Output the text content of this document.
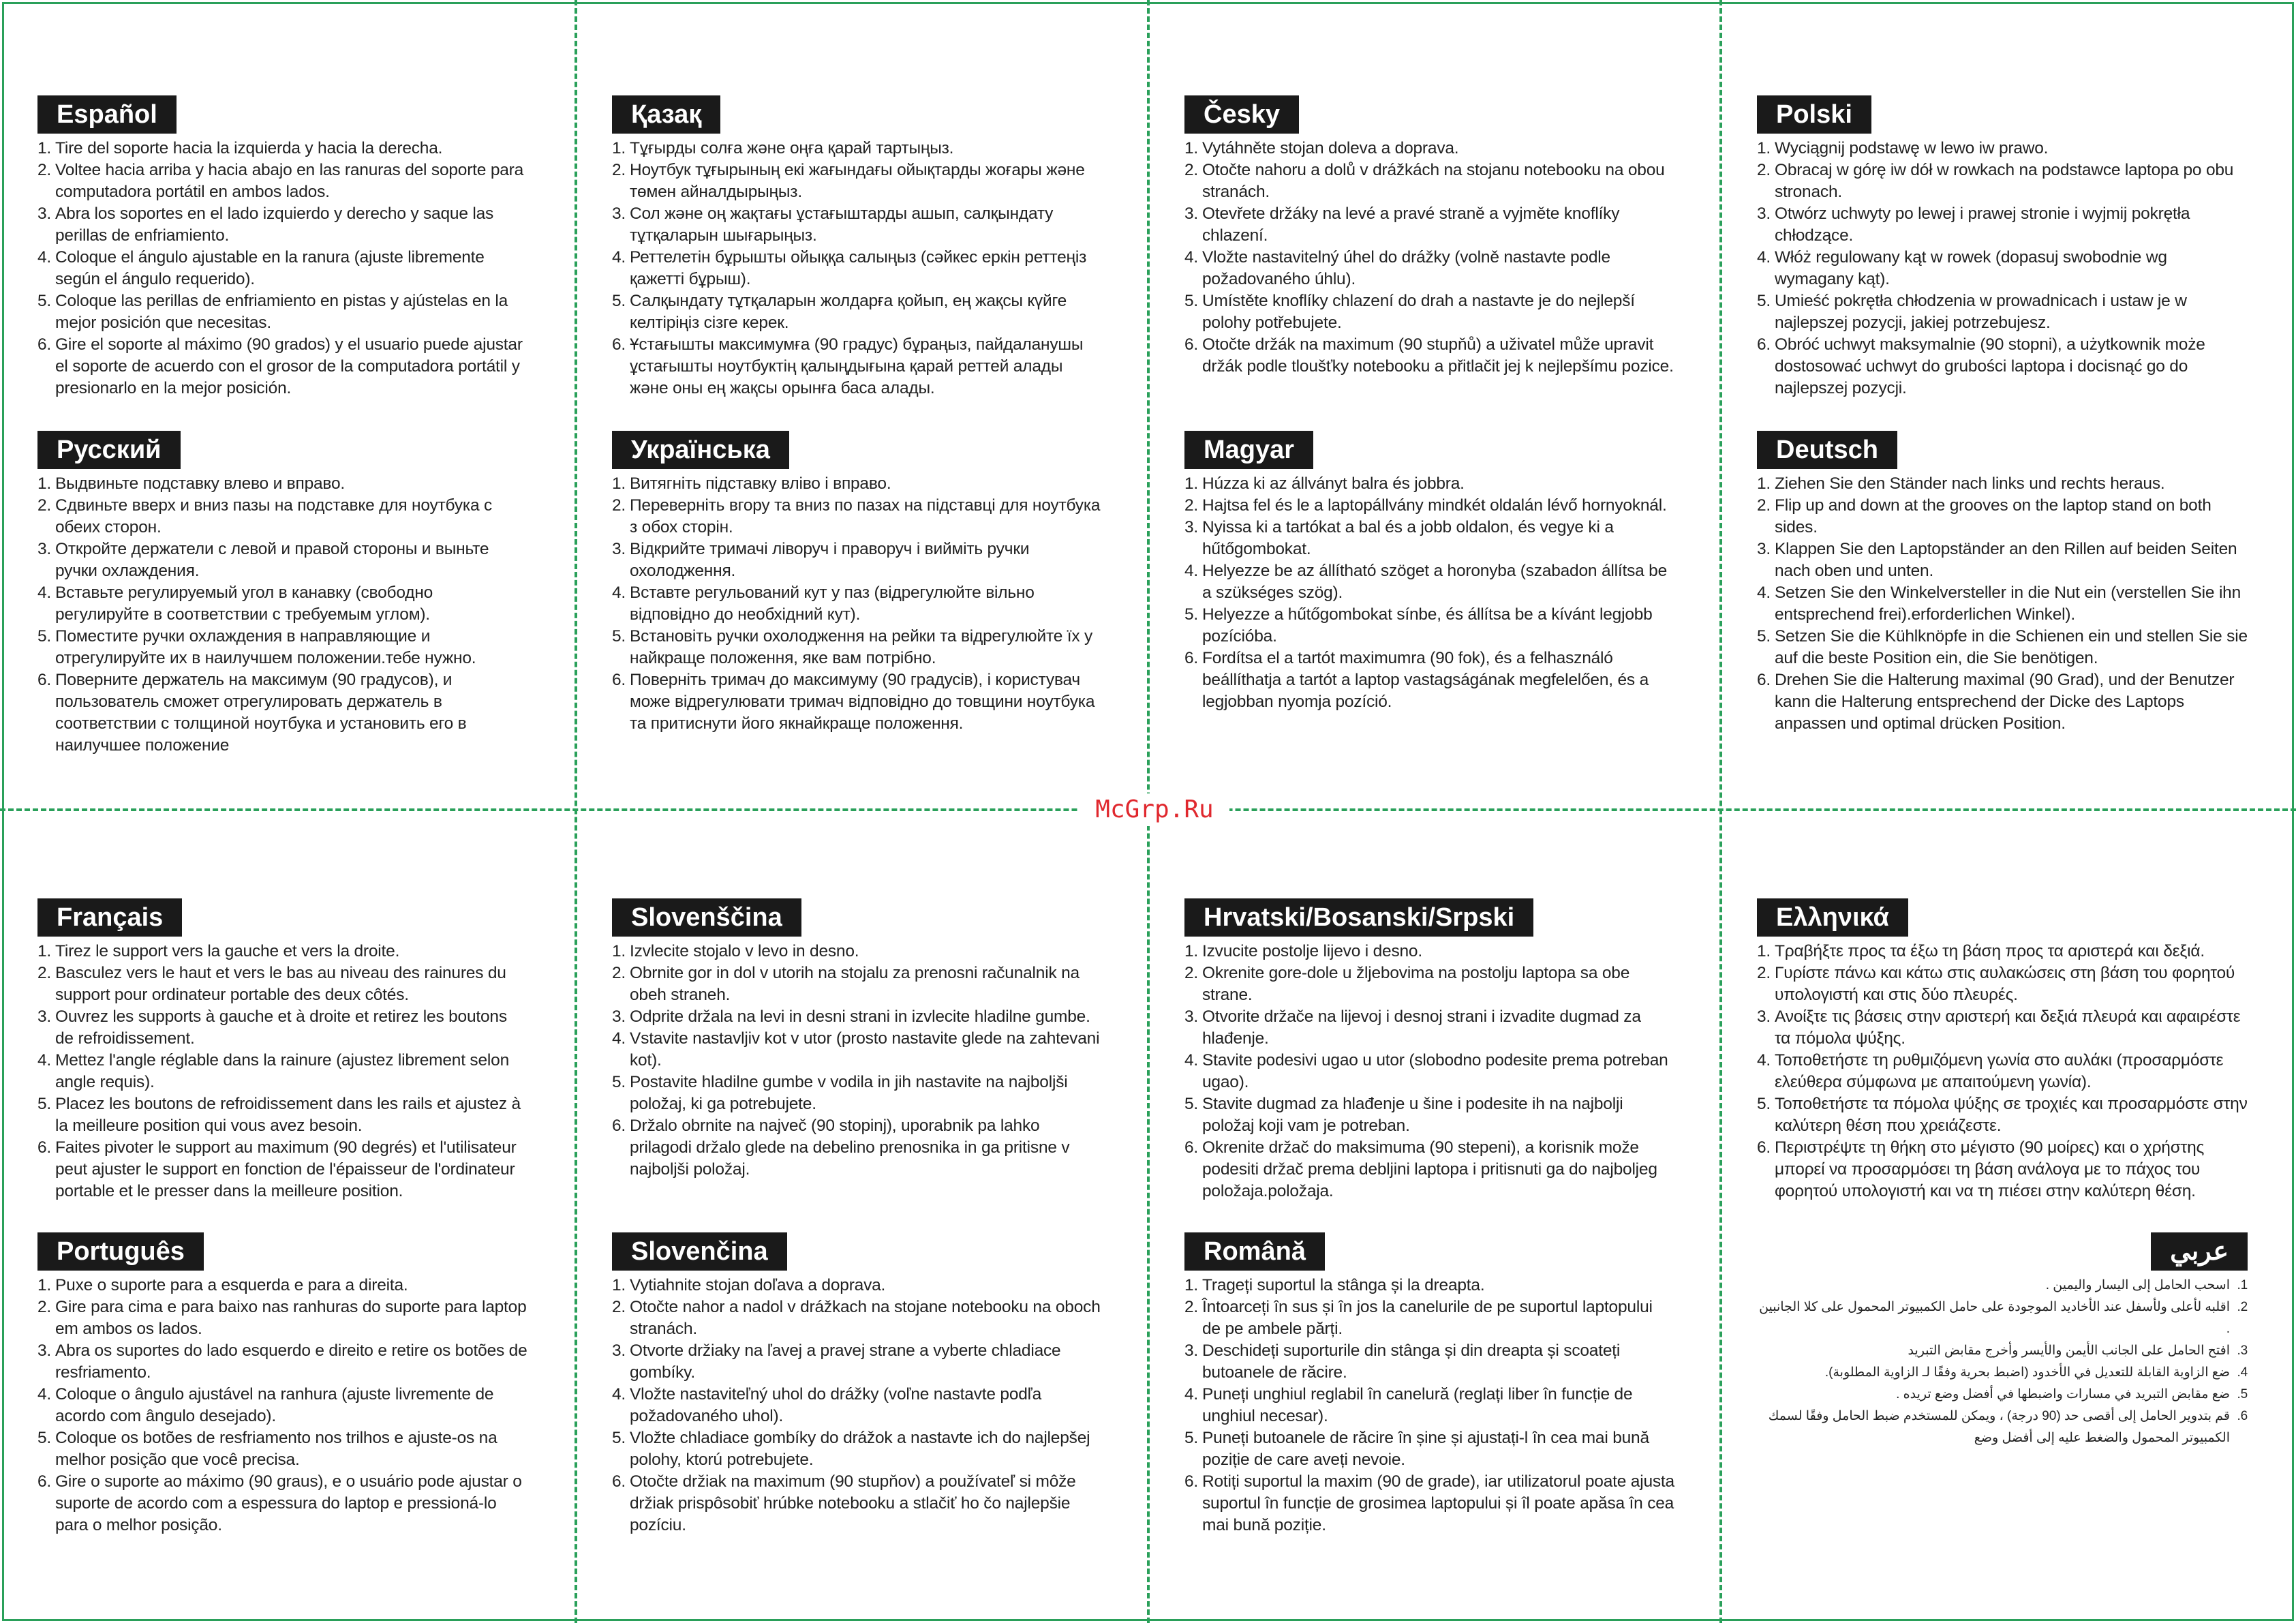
McGrp.Ru
Español
1. Tire del soporte hacia la izquierda y hacia la derecha.
2. Voltee hacia arriba y hacia abajo en las ranuras del soporte para computadora portátil en ambos lados.
3. Abra los soportes en el lado izquierdo y derecho y saque las perillas de enfriamiento.
4. Coloque el ángulo ajustable en la ranura (ajuste libremente según el ángulo requerido).
5. Coloque las perillas de enfriamiento en pistas y ajústelas en la mejor posición que necesitas.
6. Gire el soporte al máximo (90 grados) y el usuario puede ajustar el soporte de acuerdo con el grosor de la computadora portátil y presionarlo en la mejor posición.
Қазақ
1. Тұғырды солға және оңға қарай тартыңыз.
2. Ноутбук тұғырының екі жағындағы ойықтарды жоғары және төмен айналдырыңыз.
3. Сол және оң жақтағы ұстағыштарды ашып, салқындату тұтқаларын шығарыңыз.
4. Реттелетін бұрышты ойыққа салыңыз (сәйкес еркін реттеңіз қажетті бұрыш).
5. Салқындату тұтқаларын жолдарға қойып, ең жақсы күйге келтіріңіз сізге керек.
6. Ұстағышты максимумға (90 градус) бұраңыз, пайдаланушы ұстағышты ноутбуктің қалыңдығына қарай реттей алады және оны ең жақсы орынға баса алады.
Česky
1. Vytáhněte stojan doleva a doprava.
2. Otočte nahoru a dolů v drážkách na stojanu notebooku na obou stranách.
3. Otevřete držáky na levé a pravé straně a vyjměte knoflíky chlazení.
4. Vložte nastavitelný úhel do drážky (volně nastavte podle požadovaného úhlu).
5. Umístěte knoflíky chlazení do drah a nastavte je do nejlepší polohy potřebujete.
6. Otočte držák na maximum (90 stupňů) a uživatel může upravit držák podle tloušťky notebooku a přitlačit jej k nejlepšímu pozice.
Polski
1. Wyciągnij podstawę w lewo iw prawo.
2. Obracaj w górę iw dół w rowkach na podstawce laptopa po obu stronach.
3. Otwórz uchwyty po lewej i prawej stronie i wyjmij pokrętła chłodzące.
4. Włóż regulowany kąt w rowek (dopasuj swobodnie wg wymagany kąt).
5. Umieść pokrętła chłodzenia w prowadnicach i ustaw je w najlepszej pozycji, jakiej potrzebujesz.
6. Obróć uchwyt maksymalnie (90 stopni), a użytkownik może dostosować uchwyt do grubości laptopa i docisnąć go do najlepszej pozycji.
Русский
1. Выдвиньте подставку влево и вправо.
2. Сдвиньте вверх и вниз пазы на подставке для ноутбука с обеих сторон.
3. Откройте держатели с левой и правой стороны и выньте ручки охлаждения.
4. Вставьте регулируемый угол в канавку (свободно регулируйте в соответствии с требуемым углом).
5. Поместите ручки охлаждения в направляющие и отрегулируйте их в наилучшем положении.тебе нужно.
6. Поверните держатель на максимум (90 градусов), и пользователь сможет отрегулировать держатель в соответствии с толщиной ноутбука и установить его в наилучшее положение
Українська
1. Витягніть підставку вліво і вправо.
2. Переверніть вгору та вниз по пазах на підставці для ноутбука з обох сторін.
3. Відкрийте тримачі ліворуч і праворуч і вийміть ручки охолодження.
4. Вставте регульований кут у паз (відрегулюйте вільно відповідно до необхідний кут).
5. Встановіть ручки охолодження на рейки та відрегулюйте їх у найкраще положення, яке вам потрібно.
6. Поверніть тримач до максимуму (90 градусів), і користувач може відрегулювати тримач відповідно до товщини ноутбука та притиснути його якнайкраще положення.
Magyar
1. Húzza ki az állványt balra és jobbra.
2. Hajtsa fel és le a laptopállvány mindkét oldalán lévő hornyoknál.
3. Nyissa ki a tartókat a bal és a jobb oldalon, és vegye ki a hűtőgombokat.
4. Helyezze be az állítható szöget a horonyba (szabadon állítsa be a szükséges szög).
5. Helyezze a hűtőgombokat sínbe, és állítsa be a kívánt legjobb pozícióba.
6. Fordítsa el a tartót maximumra (90 fok), és a felhasználó beállíthatja a tartót a laptop vastagságának megfelelően, és a legjobban nyomja pozíció.
Deutsch
1. Ziehen Sie den Ständer nach links und rechts heraus.
2. Flip up and down at the grooves on the laptop stand on both sides.
3. Klappen Sie den Laptopständer an den Rillen auf beiden Seiten nach oben und unten.
4. Setzen Sie den Winkelversteller in die Nut ein (verstellen Sie ihn entsprechend frei).erforderlichen Winkel).
5. Setzen Sie die Kühlknöpfe in die Schienen ein und stellen Sie sie auf die beste Position ein, die Sie benötigen.
6. Drehen Sie die Halterung maximal (90 Grad), und der Benutzer kann die Halterung entsprechend der Dicke des Laptops anpassen und optimal drücken Position.
Français
1. Tirez le support vers la gauche et vers la droite.
2. Basculez vers le haut et vers le bas au niveau des rainures du support pour ordinateur portable des deux côtés.
3. Ouvrez les supports à gauche et à droite et retirez les boutons de refroidissement.
4. Mettez l'angle réglable dans la rainure (ajustez librement selon angle requis).
5. Placez les boutons de refroidissement dans les rails et ajustez à la meilleure position qui vous avez besoin.
6. Faites pivoter le support au maximum (90 degrés) et l'utilisateur peut ajuster le support en fonction de l'épaisseur de l'ordinateur portable et le presser dans la meilleure position.
Slovenščina
1. Izvlecite stojalo v levo in desno.
2. Obrnite gor in dol v utorih na stojalu za prenosni računalnik na obeh straneh.
3. Odprite držala na levi in desni strani in izvlecite hladilne gumbe.
4. Vstavite nastavljiv kot v utor (prosto nastavite glede na zahtevani kot).
5. Postavite hladilne gumbe v vodila in jih nastavite na najboljši položaj, ki ga potrebujete.
6. Držalo obrnite na največ (90 stopinj), uporabnik pa lahko prilagodi držalo glede na debelino prenosnika in ga pritisne v najboljši položaj.
Hrvatski/Bosanski/Srpski
1. Izvucite postolje lijevo i desno.
2. Okrenite gore-dole u žljebovima na postolju laptopa sa obe strane.
3. Otvorite držače na lijevoj i desnoj strani i izvadite dugmad za hlađenje.
4. Stavite podesivi ugao u utor (slobodno podesite prema potreban ugao).
5. Stavite dugmad za hlađenje u šine i podesite ih na najbolji položaj koji vam je potreban.
6. Okrenite držač do maksimuma (90 stepeni), a korisnik može podesiti držač prema debljini laptopa i pritisnuti ga do najboljeg položaja.položaja.
Ελληνικά
1. Τραβήξτε προς τα έξω τη βάση προς τα αριστερά και δεξιά.
2. Γυρίστε πάνω και κάτω στις αυλακώσεις στη βάση του φορητού υπολογιστή και στις δύο πλευρές.
3. Ανοίξτε τις βάσεις στην αριστερή και δεξιά πλευρά και αφαιρέστε τα πόμολα ψύξης.
4. Τοποθετήστε τη ρυθμιζόμενη γωνία στο αυλάκι (προσαρμόστε ελεύθερα σύμφωνα με απαιτούμενη γωνία).
5. Τοποθετήστε τα πόμολα ψύξης σε τροχιές και προσαρμόστε στην καλύτερη θέση που χρειάζεστε.
6. Περιστρέψτε τη θήκη στο μέγιστο (90 μοίρες) και ο χρήστης μπορεί να προσαρμόσει τη βάση ανάλογα με το πάχος του φορητού υπολογιστή και να τη πιέσει στην καλύτερη θέση.
Português
1. Puxe o suporte para a esquerda e para a direita.
2. Gire para cima e para baixo nas ranhuras do suporte para laptop em ambos os lados.
3. Abra os suportes do lado esquerdo e direito e retire os botões de resfriamento.
4. Coloque o ângulo ajustável na ranhura (ajuste livremente de acordo com ângulo desejado).
5. Coloque os botões de resfriamento nos trilhos e ajuste-os na melhor posição que você precisa.
6. Gire o suporte ao máximo (90 graus), e o usuário pode ajustar o suporte de acordo com a espessura do laptop e pressioná-lo para o melhor posição.
Slovenčina
1. Vytiahnite stojan doľava a doprava.
2. Otočte nahor a nadol v drážkach na stojane notebooku na oboch stranách.
3. Otvorte držiaky na ľavej a pravej strane a vyberte chladiace gombíky.
4. Vložte nastaviteľný uhol do drážky (voľne nastavte podľa požadovaného uhol).
5. Vložte chladiace gombíky do drážok a nastavte ich do najlepšej polohy, ktorú potrebujete.
6. Otočte držiak na maximum (90 stupňov) a používateľ si môže držiak prispôsobiť hrúbke notebooku a stlačiť ho čo najlepšie pozíciu.
Română
1. Trageți suportul la stânga și la dreapta.
2. Întoarceți în sus și în jos la canelurile de pe suportul laptopului de pe ambele părți.
3. Deschideți suporturile din stânga și din dreapta și scoateți butoanele de răcire.
4. Puneți unghiul reglabil în canelură (reglați liber în funcție de unghiul necesar).
5. Puneți butoanele de răcire în șine și ajustați-l în cea mai bună poziție de care aveți nevoie.
6. Rotiți suportul la maxim (90 de grade), iar utilizatorul poate ajusta suportul în funcție de grosimea laptopului și îl poate apăsa în cea mai bună poziție.
عربي
1.اسحب الحامل إلى اليسار واليمين .
2.اقلبه لأعلى ولأسفل عند الأخاديد الموجودة على حامل الكمبيوتر المحمول على كلا الجانبين .
3.افتح الحامل على الجانب الأيمن والأيسر وأخرج مقابض التبريد
4.ضع الزاوية القابلة للتعديل في الأخدود (اضبط بحرية وفقًا لـ الزاوية المطلوبة).
5.ضع مقابض التبريد في مسارات واضبطها في أفضل وضع تريده .
6.قم بتدوير الحامل إلى أقصى حد (90 درجة) ، ويمكن للمستخدم ضبط الحامل وفقًا لسمك الكمبيوتر المحمول والضغط عليه إلى أفضل وضع
